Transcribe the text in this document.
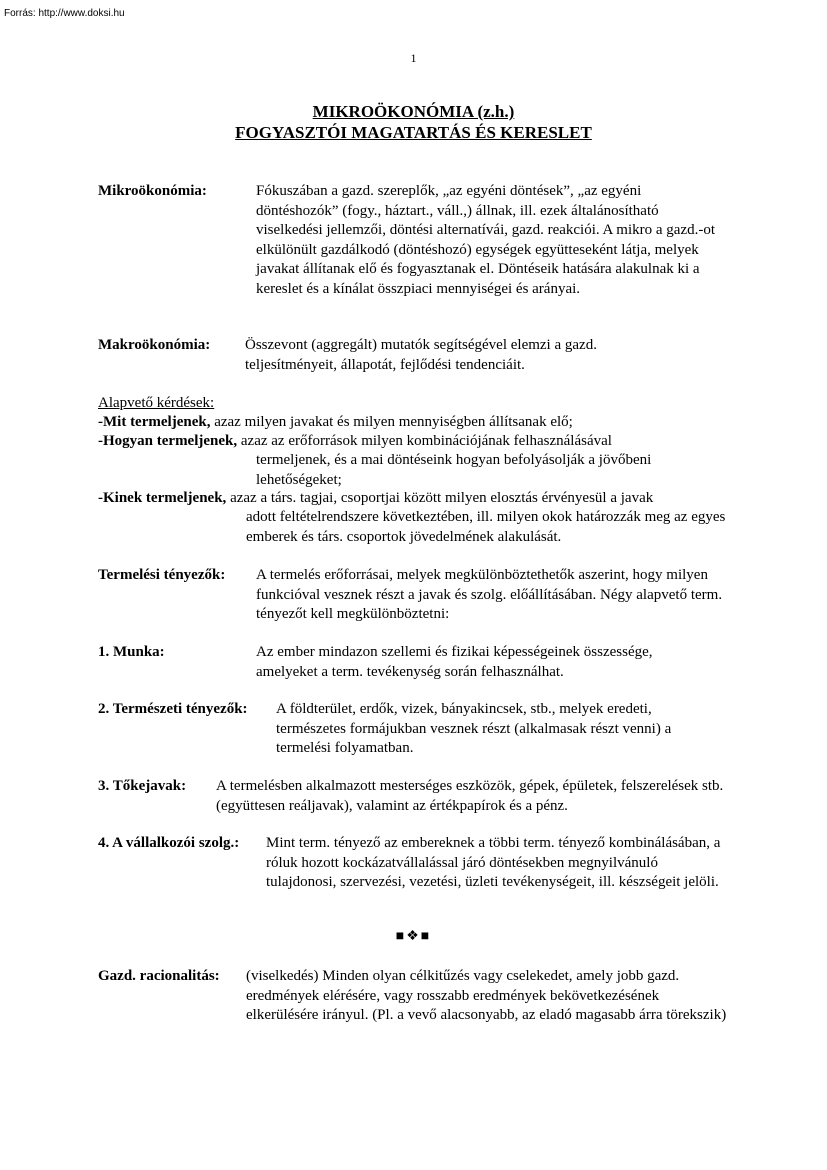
Forrás: http://www.doksi.hu
1
MIKROÖKONÓMIA (z.h.)
FOGYASZTÓI MAGATARTÁS ÉS KERESLET
Mikroökonómia:	Fókuszában a gazd. szereplők, „az egyéni döntések”, „az egyéni döntéshozók” (fogy., háztart., váll.,) állnak, ill. ezek általánosítható viselkedési jellemzői, döntési alternatívái, gazd. reakciói. A mikro a gazd.-ot elkülönült gazdálkodó (döntéshozó) egységek együtteseként látja, melyek javakat állítanak elő és fogyasztanak el. Döntéseik hatására alakulnak ki a kereslet és a kínálat összpiaci mennyiségei és arányai.
Makroökonómia: Összevont (aggregált) mutatók segítségével elemzi a gazd. teljesítményeit, állapotát, fejlődési tendenciáit.
Alapvető kérdések:
-Mit termeljenek, azaz milyen javakat és milyen mennyiségben állítsanak elő;
-Hogyan termeljenek, azaz az erőforrások milyen kombinációjának felhasználásával
termeljenek, és a mai döntéseink hogyan befolyásolják a jövőbeni lehetőségeket;
-Kinek termeljenek, azaz a társ. tagjai, csoportjai között milyen elosztás érvényesül a javak
adott feltételrendszere következtében, ill. milyen okok határozzák meg az egyes emberek és társ. csoportok jövedelmének alakulását.
Termelési tényezők: A termelés erőforrásai, melyek megkülönböztethetők aszerint, hogy milyen funkcióval vesznek részt a javak és szolg. előállításában. Négy alapvető term. tényezőt kell megkülönböztetni:
1. Munka:	Az ember mindazon szellemi és fizikai képességeinek összessége, amelyeket a term. tevékenység során felhasználhat.
2. Természeti tényezők: A földterület, erdők, vizek, bányakincsek, stb., melyek eredeti, természetes formájukban vesznek részt (alkalmasak részt venni) a termelési folyamatban.
3. Tőkejavak: A termelésben alkalmazott mesterséges eszközök, gépek, épületek, felszerelések stb. (együttesen reáljavak), valamint az értékpapírok és a pénz.
4. A vállalkozói szolg.: Mint term. tényező az embereknek a többi term. tényező kombinálásában, a róluk hozott kockázatvállalással járó döntésekben megnyilvánuló tulajdonosi, szervezési, vezetési, üzleti tevékenységeit, ill. készségeit jelöli.
■❖■
Gazd. racionalitás: (viselkedés) Minden olyan célkitűzés vagy cselekedet, amely jobb gazd. eredmények elérésére, vagy rosszabb eredmények bekövetkezésének elkerülésére irányul. (Pl. a vevő alacsonyabb, az eladó magasabb árra törekszik)
